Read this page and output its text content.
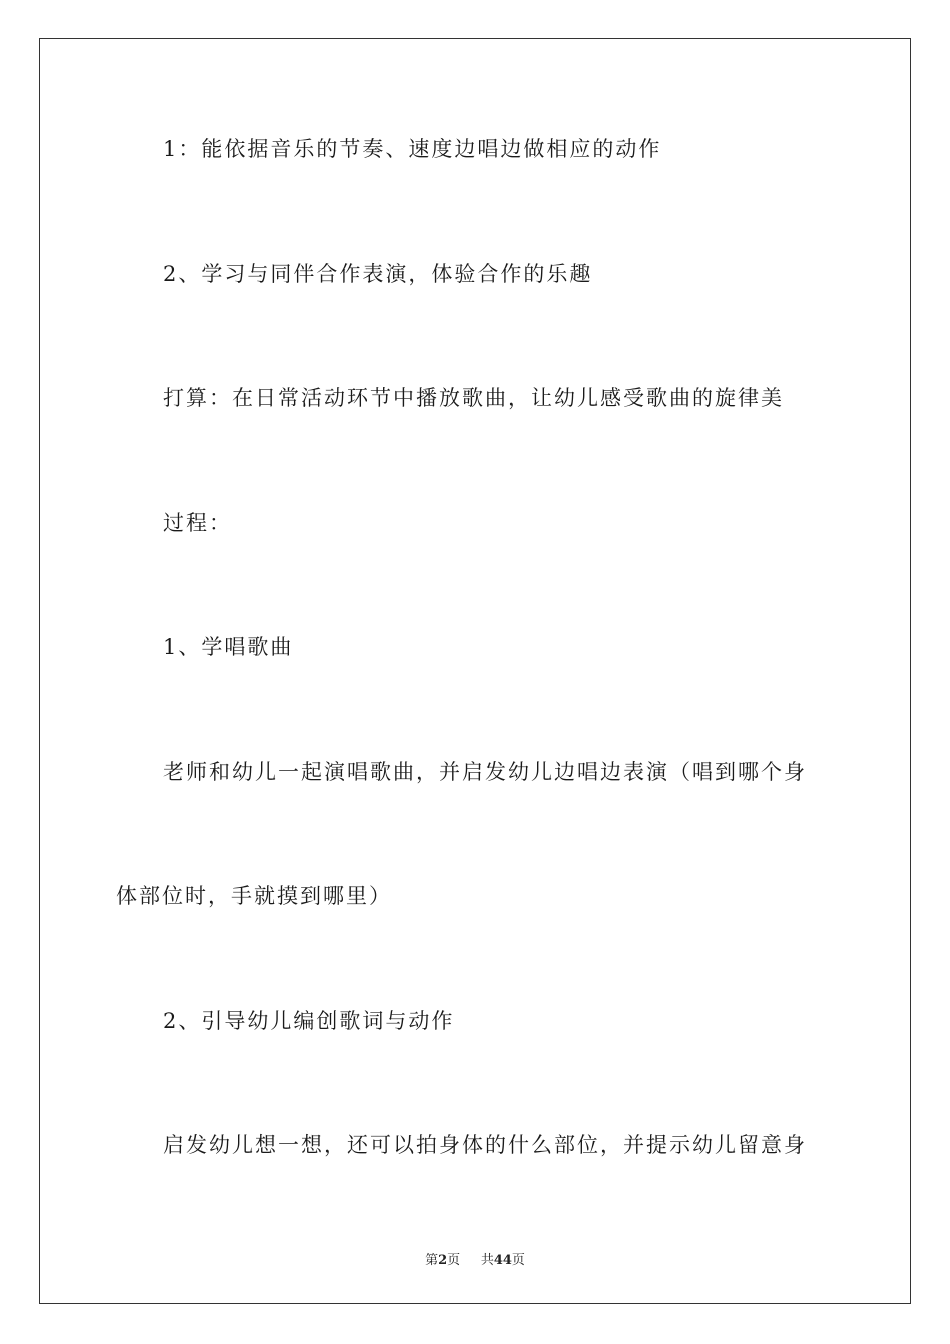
1：能依据音乐的节奏、速度边唱边做相应的动作
2、学习与同伴合作表演，体验合作的乐趣
打算：在日常活动环节中播放歌曲，让幼儿感受歌曲的旋律美
过程：
1、学唱歌曲
老师和幼儿一起演唱歌曲，并启发幼儿边唱边表演（唱到哪个身
体部位时，手就摸到哪里）
2、引导幼儿编创歌词与动作
启发幼儿想一想，还可以拍身体的什么部位，并提示幼儿留意身
第2页 共44页
